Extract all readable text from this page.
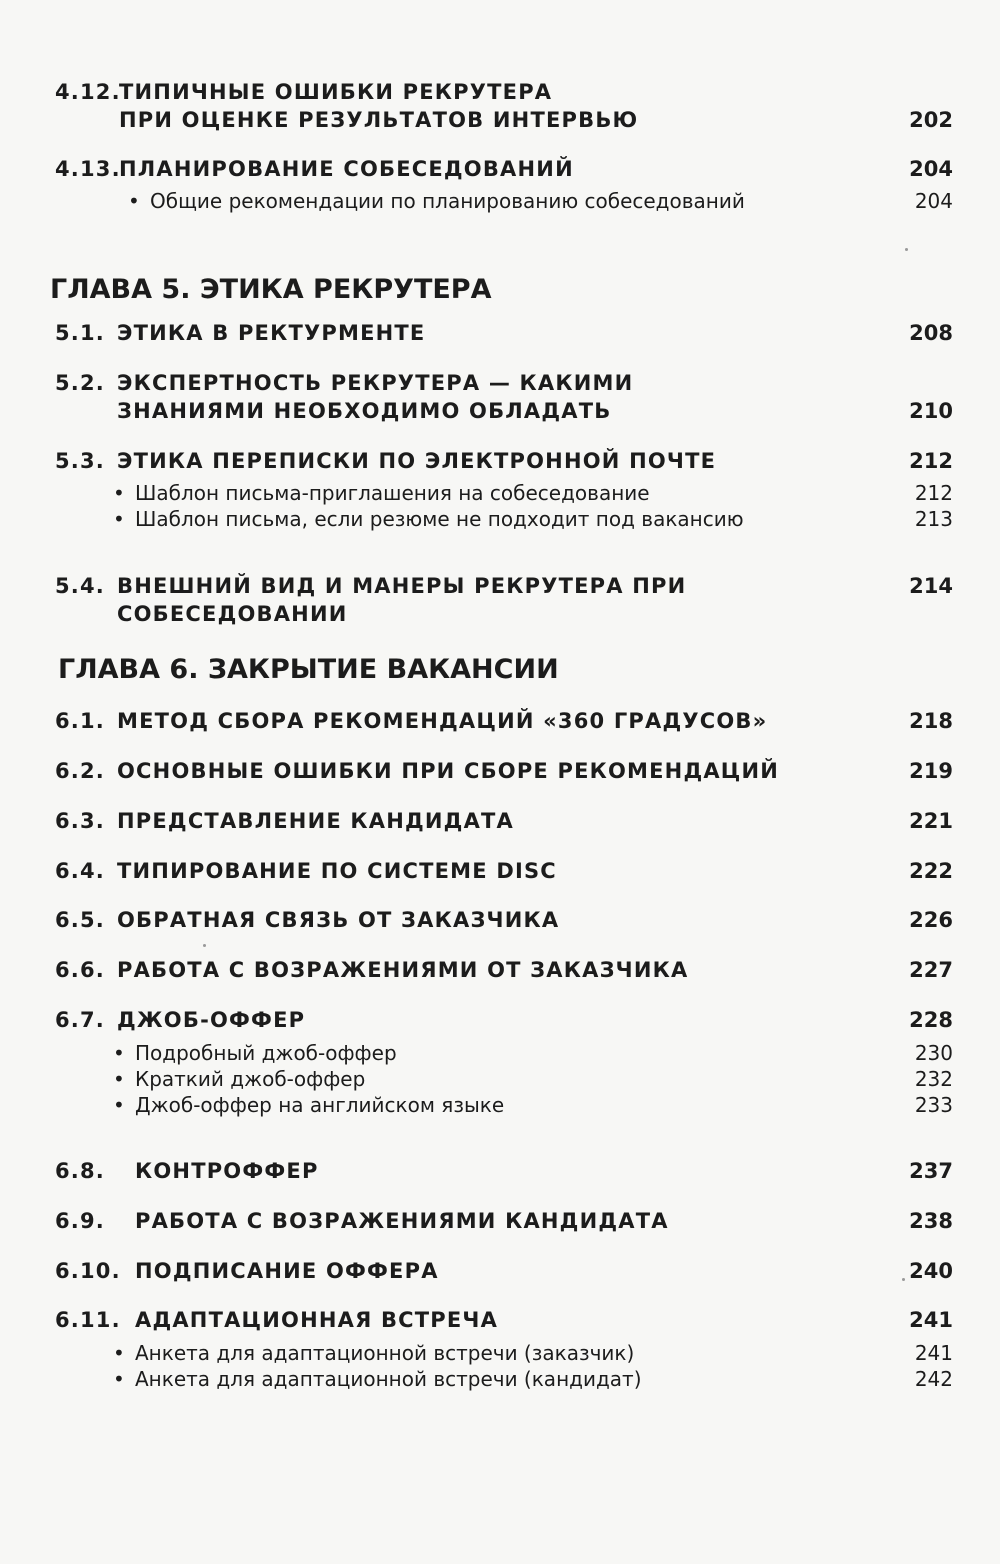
4.12.
ТИПИЧНЫЕ ОШИБКИ РЕКРУТЕРА
ПРИ ОЦЕНКЕ РЕЗУЛЬТАТОВ ИНТЕРВЬЮ	202
4.13.
ПЛАНИРОВАНИЕ СОБЕСЕДОВАНИЙ	204
• Общие рекомендации по планированию собеседований	204
ГЛАВА 5. ЭТИКА РЕКРУТЕРА
5.1. ЭТИКА В РЕКТУРМЕНТЕ	208
5.2. ЭКСПЕРТНОСТЬ РЕКРУТЕРА — КАКИМИ
ЗНАНИЯМИ НЕОБХОДИМО ОБЛАДАТЬ	210
5.3. ЭТИКА ПЕРЕПИСКИ ПО ЭЛЕКТРОННОЙ ПОЧТЕ	212
• Шаблон письма-приглашения на собеседование	212
• Шаблон письма, если резюме не подходит под вакансию	213
5.4. ВНЕШНИЙ ВИД И МАНЕРЫ РЕКРУТЕРА ПРИ СОБЕСЕДОВАНИИ
214
ГЛАВА 6. ЗАКРЫТИЕ ВАКАНСИИ
6.1. МЕТОД СБОРА РЕКОМЕНДАЦИЙ «360 ГРАДУСОВ»	218
6.2. ОСНОВНЫЕ ОШИБКИ ПРИ СБОРЕ РЕКОМЕНДАЦИЙ	219
6.3. ПРЕДСТАВЛЕНИЕ КАНДИДАТА	221
6.4. ТИПИРОВАНИЕ ПО СИСТЕМЕ DISC	222
6.5. ОБРАТНАЯ СВЯЗЬ ОТ ЗАКАЗЧИКА	226
6.6. РАБОТА С ВОЗРАЖЕНИЯМИ ОТ ЗАКАЗЧИКА	227
6.7. ДЖОБ-ОФФЕР	228
• Подробный джоб-оффер	230
• Краткий джоб-оффер	232
• Джоб-оффер на английском языке	233
6.8. КОНТРОФФЕР	237
6.9. РАБОТА С ВОЗРАЖЕНИЯМИ КАНДИДАТА	238
6.10. ПОДПИСАНИЕ ОФФЕРА	240
6.11. АДАПТАЦИОННАЯ ВСТРЕЧА	241
• Анкета для адаптационной встречи (заказчик)	241
• Анкета для адаптационной встречи (кандидат)	242
